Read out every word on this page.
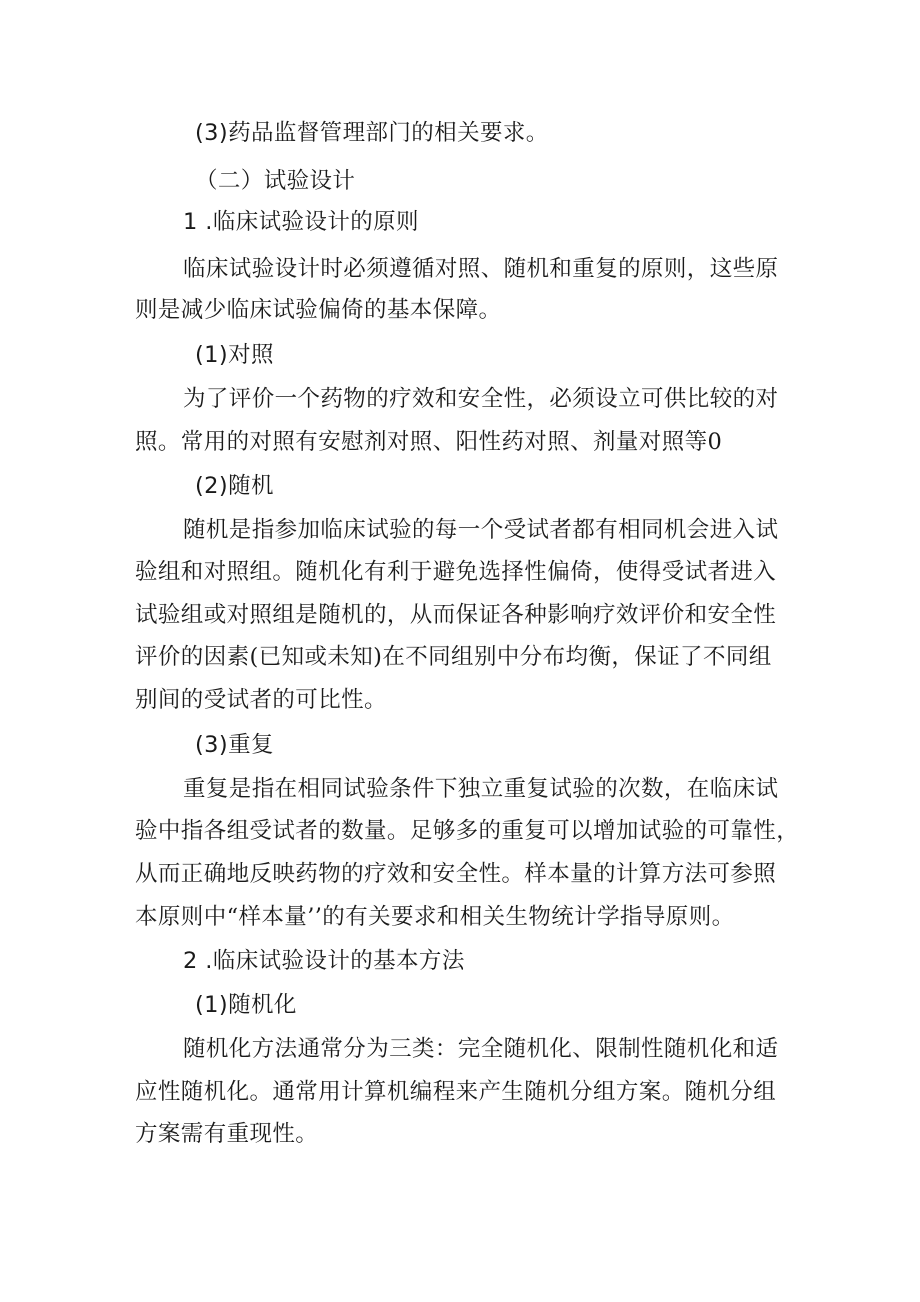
(3)药品监督管理部门的相关要求。
（二）试验设计
1 .临床试验设计的原则
临床试验设计时必须遵循对照、随机和重复的原则，这些原
则是减少临床试验偏倚的基本保障。
(1)对照
为了评价一个药物的疗效和安全性，必须设立可供比较的对
照。常用的对照有安慰剂对照、阳性药对照、剂量对照等0
(2)随机
随机是指参加临床试验的每一个受试者都有相同机会进入试
验组和对照组。随机化有利于避免选择性偏倚，使得受试者进入
试验组或对照组是随机的，从而保证各种影响疗效评价和安全性
评价的因素(已知或未知)在不同组别中分布均衡，保证了不同组
别间的受试者的可比性。
(3)重复
重复是指在相同试验条件下独立重复试验的次数，在临床试
验中指各组受试者的数量。足够多的重复可以增加试验的可靠性，
从而正确地反映药物的疗效和安全性。样本量的计算方法可参照
本原则中“样本量’’的有关要求和相关生物统计学指导原则。
2 .临床试验设计的基本方法
(1)随机化
随机化方法通常分为三类：完全随机化、限制性随机化和适
应性随机化。通常用计算机编程来产生随机分组方案。随机分组
方案需有重现性。
